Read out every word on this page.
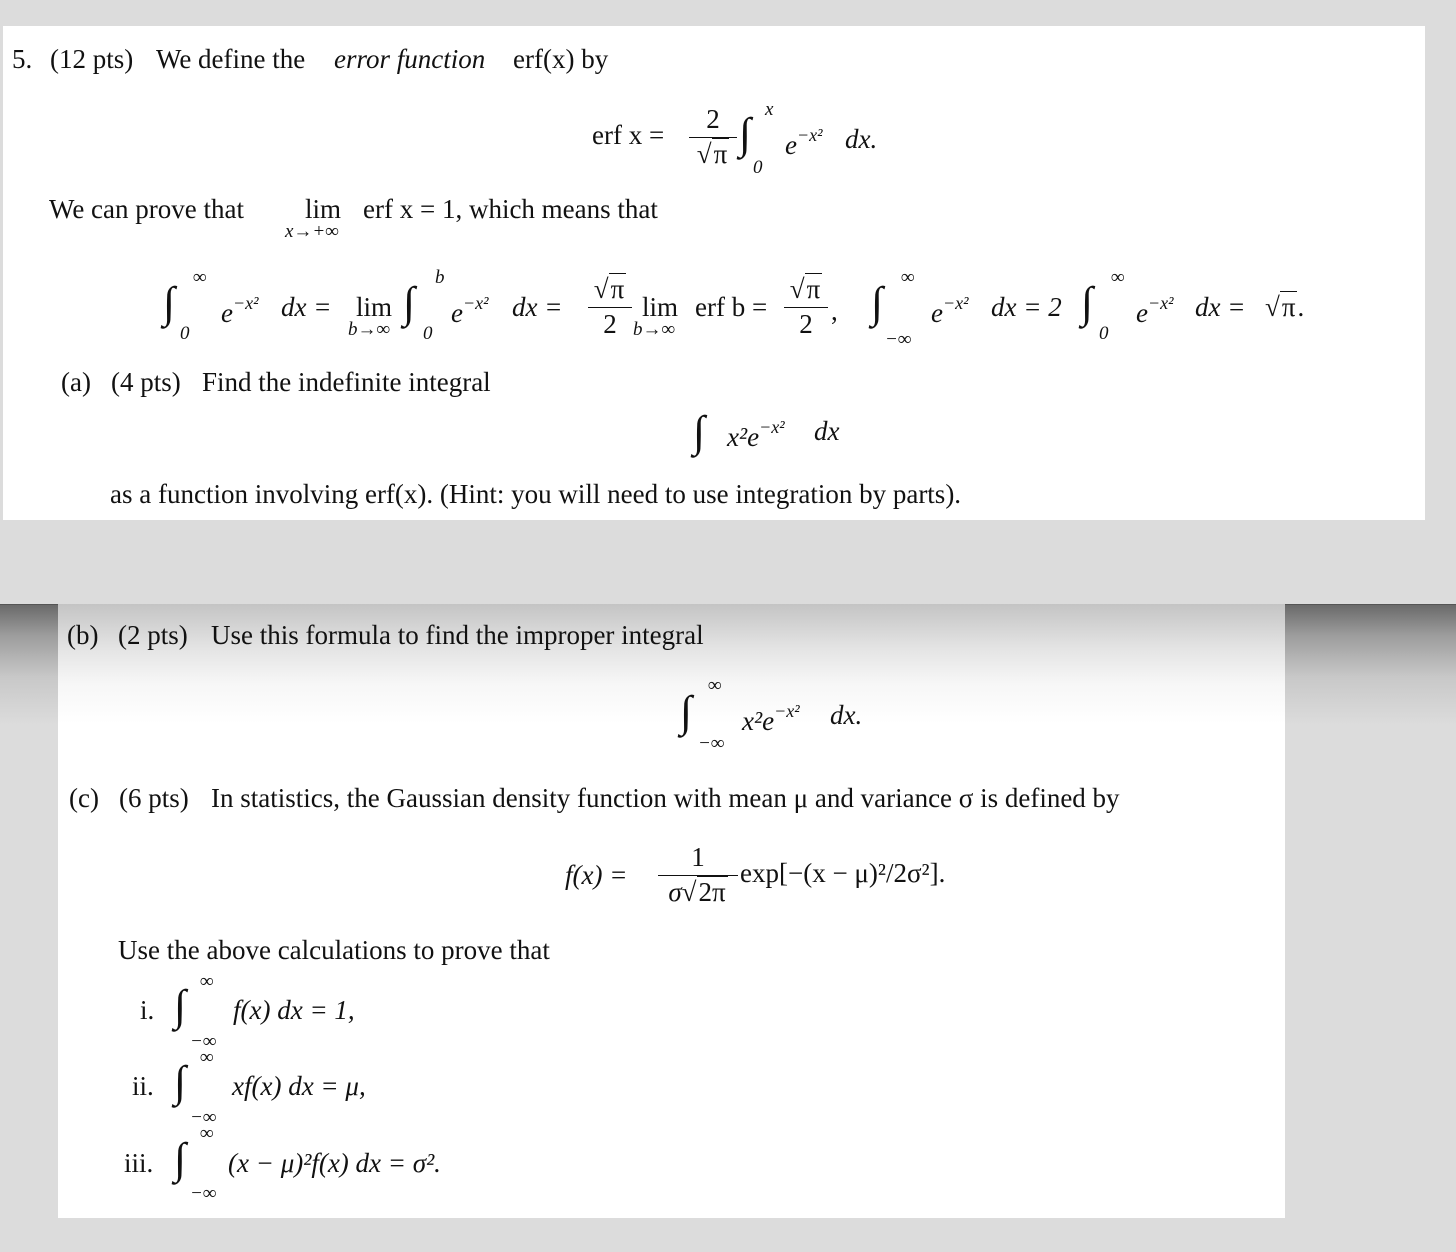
5. (12 pts) We define the error function erf(x) by
erf x =
2
√π ∫ x
0
$e^{-x^2}$ dx.
We can prove that lim
x→+∞
erf x = 1, which means that
∫
∞
0
$e^{-x^2}$ dx = lim
b→∞
∫
b
0
$e^{-x^2}$ dx =
√π
2
lim
b→∞
erf b =
√π
2 , ∫
∞
−∞
$e^{-x^2}$ dx = 2 ∫
∞
0
$e^{-x^2}$ dx = √π.
(a) (4 pts) Find the indefinite integral
∫ $x^2e^{-x^2}$ dx
as a function involving erf(x). (Hint: you will need to use integration by parts).
(b) (2 pts) Use this formula to find the improper integral
∫
∞
−∞
$x^2e^{-x^2}$ dx.
(c) (6 pts) In statistics, the Gaussian density function with mean μ and variance σ is defined by
f(x) =
1
σ√2π
exp[−(x − μ)²/2σ²].
Use the above calculations to prove that
i. ∫ ∞
−∞
f(x) dx = 1,
ii. ∫ ∞
−∞
xf(x) dx = μ,
iii. ∫
∞
−∞
(x − μ)²f(x) dx = σ².
